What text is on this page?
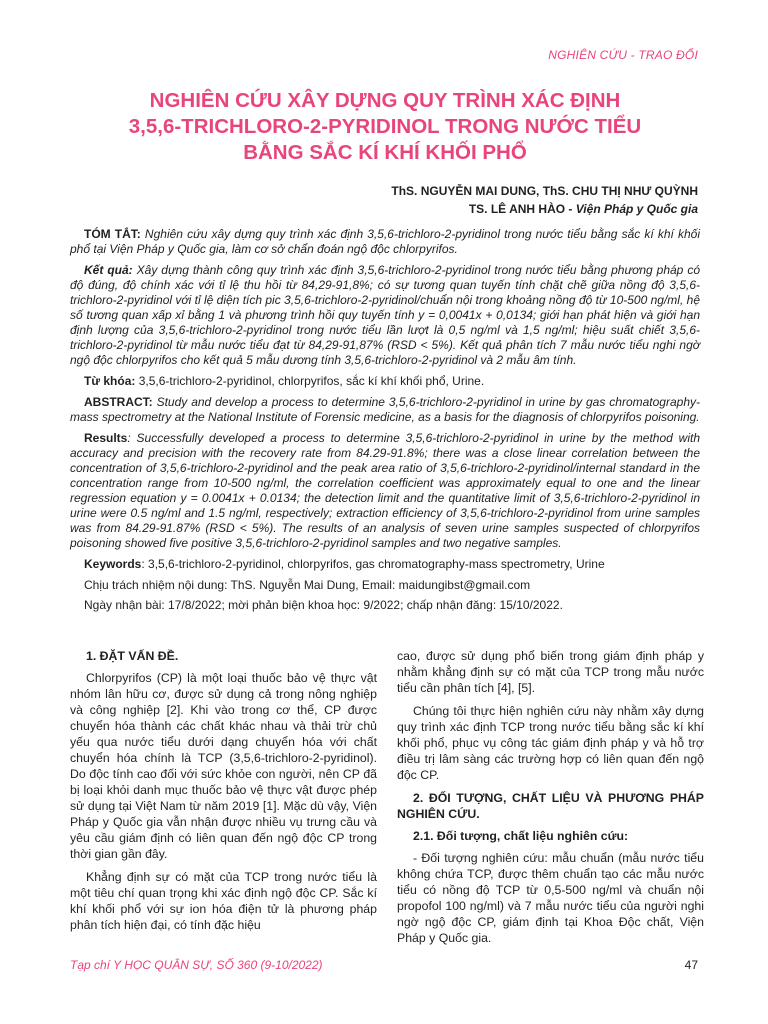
NGHIÊN CỨU - TRAO ĐỔI
NGHIÊN CỨU XÂY DỰNG QUY TRÌNH XÁC ĐỊNH
3,5,6-TRICHLORO-2-PYRIDINOL TRONG NƯỚC TIỂU
BẰNG SẮC KÍ KHÍ KHỐI PHỔ
ThS. NGUYỄN MAI DUNG, ThS. CHU THỊ NHƯ QUỲNH
TS. LÊ ANH HÀO - Viện Pháp y Quốc gia

TÓM TẮT: Nghiên cứu xây dựng quy trình xác định 3,5,6-trichloro-2-pyridinol trong nước tiểu bằng sắc kí khí khối phổ tại Viện Pháp y Quốc gia, làm cơ sở chẩn đoán ngộ độc chlorpyrifos.

Kết quả: Xây dựng thành công quy trình xác định 3,5,6-trichloro-2-pyridinol trong nước tiểu bằng phương pháp có độ đúng, độ chính xác với tỉ lệ thu hồi từ 84,29-91,8%; có sự tương quan tuyến tính chặt chẽ giữa nồng độ 3,5,6-trichloro-2-pyridinol với tỉ lệ diện tích pic 3,5,6-trichloro-2-pyridinol/chuẩn nội trong khoảng nồng độ từ 10-500 ng/ml, hệ số tương quan xấp xỉ bằng 1 và phương trình hồi quy tuyến tính y = 0,0041x + 0,0134; giới hạn phát hiện và giới hạn định lượng của 3,5,6-trichloro-2-pyridinol trong nước tiểu lần lượt là 0,5 ng/ml và 1,5 ng/ml; hiệu suất chiết 3,5,6-trichloro-2-pyridinol từ mẫu nước tiểu đạt từ 84,29-91,87% (RSD < 5%). Kết quả phân tích 7 mẫu nước tiểu nghi ngờ ngộ độc chlorpyrifos cho kết quả 5 mẫu dương tính 3,5,6-trichloro-2-pyridinol và 2 mẫu âm tính.

Từ khóa: 3,5,6-trichloro-2-pyridinol, chlorpyrifos, sắc kí khí khối phổ, Urine.

ABSTRACT: Study and develop a process to determine 3,5,6-trichloro-2-pyridinol in urine by gas chromatography-mass spectrometry at the National Institute of Forensic medicine, as a basis for the diagnosis of chlorpyrifos poisoning.

Results: Successfully developed a process to determine 3,5,6-trichloro-2-pyridinol in urine by the method with accuracy and precision with the recovery rate from 84.29-91.8%; there was a close linear correlation between the concentration of 3,5,6-trichloro-2-pyridinol and the peak area ratio of 3,5,6-trichloro-2-pyridinol/internal standard in the concentration range from 10-500 ng/ml, the correlation coefficient was approximately equal to one and the linear regression equation y = 0.0041x + 0.0134; the detection limit and the quantitative limit of 3,5,6-trichloro-2-pyridinol in urine were 0.5 ng/ml and 1.5 ng/ml, respectively; extraction efficiency of 3,5,6-trichloro-2-pyridinol from urine samples was from 84.29-91.87% (RSD < 5%). The results of an analysis of seven urine samples suspected of chlorpyrifos poisoning showed five positive 3,5,6-trichloro-2-pyridinol samples and two negative samples.

Keywords: 3,5,6-trichloro-2-pyridinol, chlorpyrifos, gas chromatography-mass spectrometry, Urine

Chịu trách nhiệm nội dung: ThS. Nguyễn Mai Dung, Email: maidungibst@gmail.com

Ngày nhận bài: 17/8/2022; mời phản biện khoa học: 9/2022; chấp nhận đăng: 15/10/2022.

1. ĐẶT VẤN ĐỀ.

Chlorpyrifos (CP) là một loại thuốc bảo vệ thực vật nhóm lân hữu cơ, được sử dụng cả trong nông nghiệp và công nghiệp [2]. Khi vào trong cơ thể, CP được chuyển hóa thành các chất khác nhau và thải trừ chủ yếu qua nước tiểu dưới dạng chuyển hóa với chất chuyển hóa chính là TCP (3,5,6-trichloro-2-pyridinol). Do độc tính cao đối với sức khỏe con người, nên CP đã bị loại khỏi danh mục thuốc bảo vệ thực vật được phép sử dụng tại Việt Nam từ năm 2019 [1]. Mặc dù vậy, Viện Pháp y Quốc gia vẫn nhận được nhiều vụ trưng cầu và yêu cầu giám định có liên quan đến ngộ độc CP trong thời gian gần đây.

Khẳng định sự có mặt của TCP trong nước tiểu là một tiêu chí quan trọng khi xác định ngộ độc CP. Sắc kí khí khối phổ với sự ion hóa điện tử là phương pháp phân tích hiện đại, có tính đặc hiệu

cao, được sử dụng phổ biến trong giám định pháp y nhằm khẳng định sự có mặt của TCP trong mẫu nước tiểu cần phân tích [4], [5].

Chúng tôi thực hiện nghiên cứu này nhằm xây dựng quy trình xác định TCP trong nước tiểu bằng sắc kí khí khối phổ, phục vụ công tác giám định pháp y và hỗ trợ điều trị lâm sàng các trường hợp có liên quan đến ngộ độc CP.

2. ĐỐI TƯỢNG, CHẤT LIỆU VÀ PHƯƠNG PHÁP NGHIÊN CỨU.
2.1. Đối tượng, chất liệu nghiên cứu:

- Đối tượng nghiên cứu: mẫu chuẩn (mẫu nước tiểu không chứa TCP, được thêm chuẩn tạo các mẫu nước tiểu có nồng độ TCP từ 0,5-500 ng/ml và chuẩn nội propofol 100 ng/ml) và 7 mẫu nước tiểu của người nghi ngờ ngộ độc CP, giám định tại Khoa Độc chất, Viện Pháp y Quốc gia.

Tạp chí Y HỌC QUÂN SỰ, SỐ 360 (9-10/2022)	47
